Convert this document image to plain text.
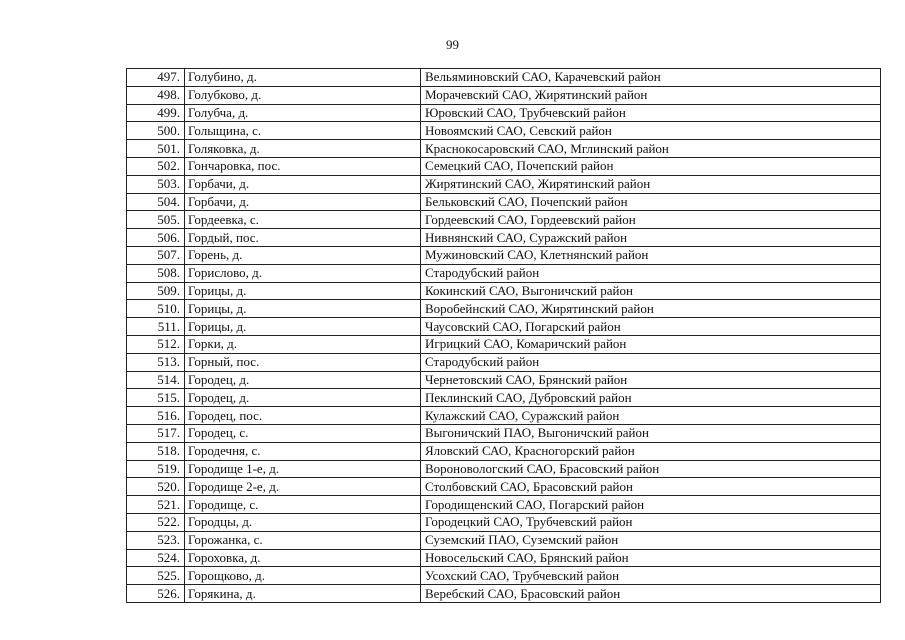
99
497.	Голубино, д.	Вельяминовский САО, Карачевский район
498.	Голубково, д.	Морачевский САО, Жирятинский район
499.	Голубча, д.	Юровский САО, Трубчевский район
500.	Голыщина, с.	Новоямский САО, Севский район
501.	Голяковка, д.	Краснокосаровский САО, Мглинский район
502.	Гончаровка, пос.	Семецкий САО, Почепский район
503.	Горбачи, д.	Жирятинский САО, Жирятинский район
504.	Горбачи, д.	Бельковский САО, Почепский район
505.	Гордеевка, с.	Гордеевский САО, Гордеевский район
506.	Гордый, пос.	Нивнянский САО, Суражский район
507.	Горень, д.	Мужиновский САО, Клетнянский район
508.	Горислово, д.	Стародубский район
509.	Горицы, д.	Кокинский САО, Выгоничский район
510.	Горицы, д.	Воробейнский САО, Жирятинский район
511.	Горицы, д.	Чаусовский САО, Погарский район
512.	Горки, д.	Игрицкий САО, Комаричский район
513.	Горный, пос.	Стародубский район
514.	Городец, д.	Чернетовский САО, Брянский район
515.	Городец, д.	Пеклинский САО, Дубровский район
516.	Городец, пос.	Кулажский САО, Суражский район
517.	Городец, с.	Выгоничский ПАО, Выгоничский район
518.	Городечня, с.	Яловский САО, Красногорский район
519.	Городище 1-е, д.	Вороновологский САО, Брасовский район
520.	Городище 2-е, д.	Столбовский САО, Брасовский район
521.	Городище, с.	Городищенский САО, Погарский район
522.	Городцы, д.	Городецкий САО, Трубчевский район
523.	Горожанка, с.	Суземский ПАО, Суземский район
524.	Гороховка, д.	Новосельский САО, Брянский район
525.	Горощково, д.	Усохский САО, Трубчевский район
526.	Горякина, д.	Веребский САО, Брасовский район
